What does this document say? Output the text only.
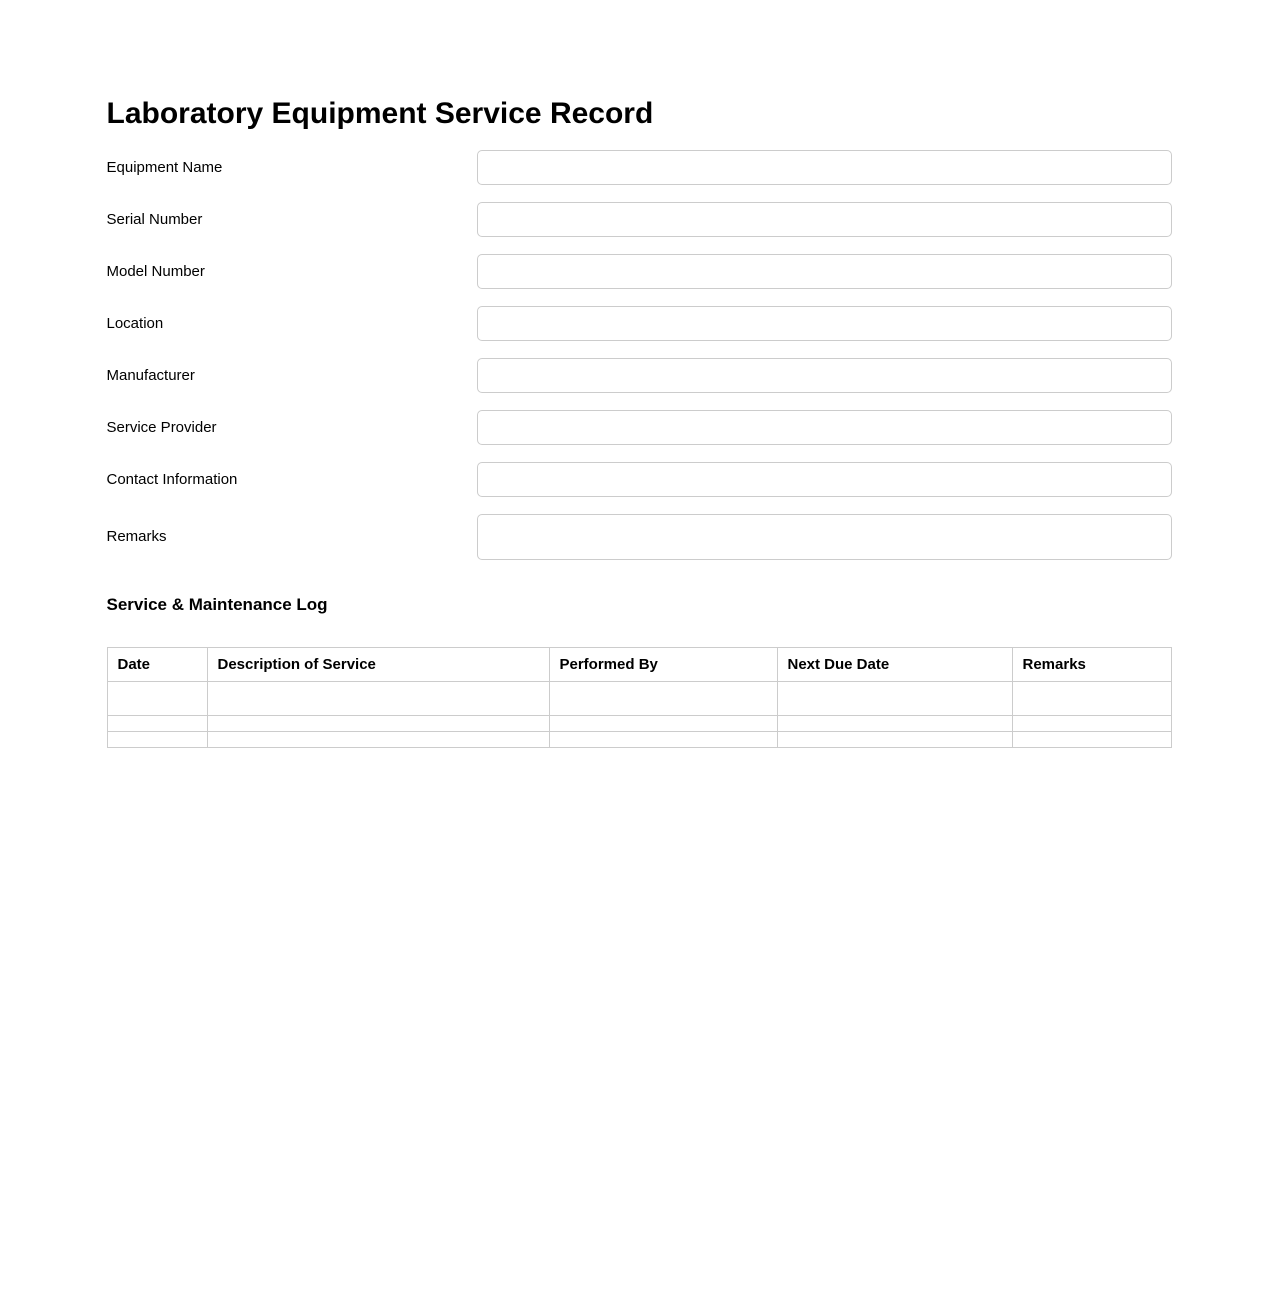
Laboratory Equipment Service Record
Equipment Name
Serial Number
Model Number
Location
Manufacturer
Service Provider
Contact Information
Remarks
Service & Maintenance Log
Date	Description of Service	Performed By	Next Due Date	Remarks
